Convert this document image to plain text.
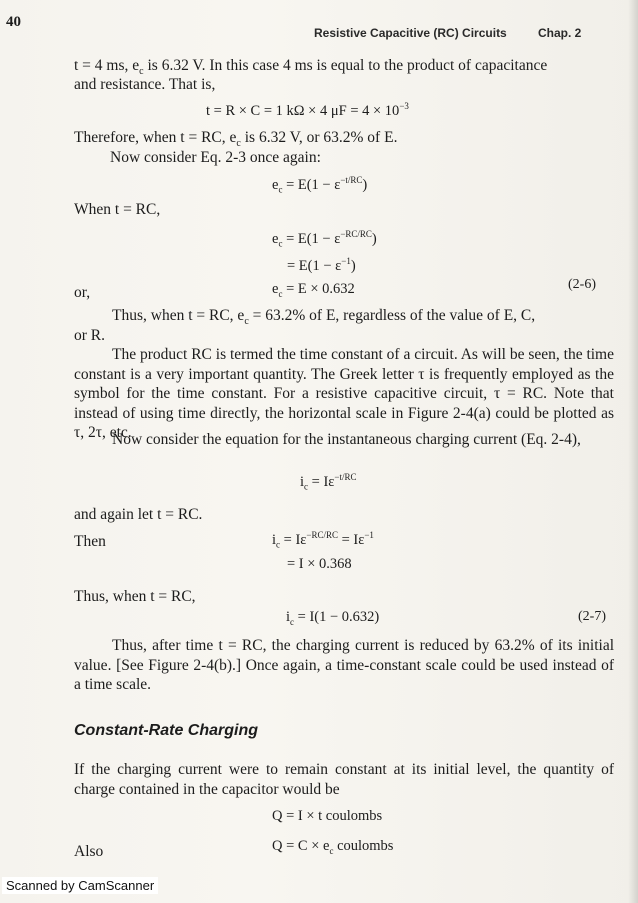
40
Resistive Capacitive (RC) Circuits	Chap. 2
t = 4 ms, $e_c$ is 6.32 V. In this case 4 ms is equal to the product of capacitance
and resistance. That is,
t = R × C = 1 kΩ × 4 $\mu F = 4 \times 10^{-3}$
Therefore, when t = RC, $e_c$ is 6.32 V, or 63.2% of E.
Now consider Eq. 2-3 once again:
$e_c = E(1 - \varepsilon^{-t/RC})$
When t = RC,
$e_c = E(1 - \varepsilon^{-RC/RC})$
= $E(1 - \varepsilon^{-1})$
or,	$e_c = E \times 0.632$	(2-6)
Thus, when t = RC, $e_c = 63.2\%$ of E, regardless of the value of E, C,
or R.
The product RC is termed the time constant of a circuit. As will be seen, the time constant is a very important quantity. The Greek letter τ is frequently employed as the symbol for the time constant. For a resistive capacitive circuit, τ = RC. Note that instead of using time directly, the horizontal scale in Figure 2-4(a) could be plotted as τ, 2τ, etc.
Now consider the equation for the instantaneous charging current (Eq. 2-4),
$i_c = I\varepsilon^{-t/RC}$
and again let t = RC.
Then	$i_c = I\varepsilon^{-RC/RC} = I\varepsilon^{-1}$
= I × 0.368
Thus, when t = RC,
$i_c = I(1 - 0.632)$	(2-7)
Thus, after time t = RC, the charging current is reduced by 63.2% of its initial value. [See Figure 2-4(b).] Once again, a time-constant scale could be used instead of a time scale.
Constant-Rate Charging
If the charging current were to remain constant at its initial level, the quantity of charge contained in the capacitor would be
Q = I × t coulombs
Also	$Q = C \times e_c$ coulombs
Scanned by CamScanner
